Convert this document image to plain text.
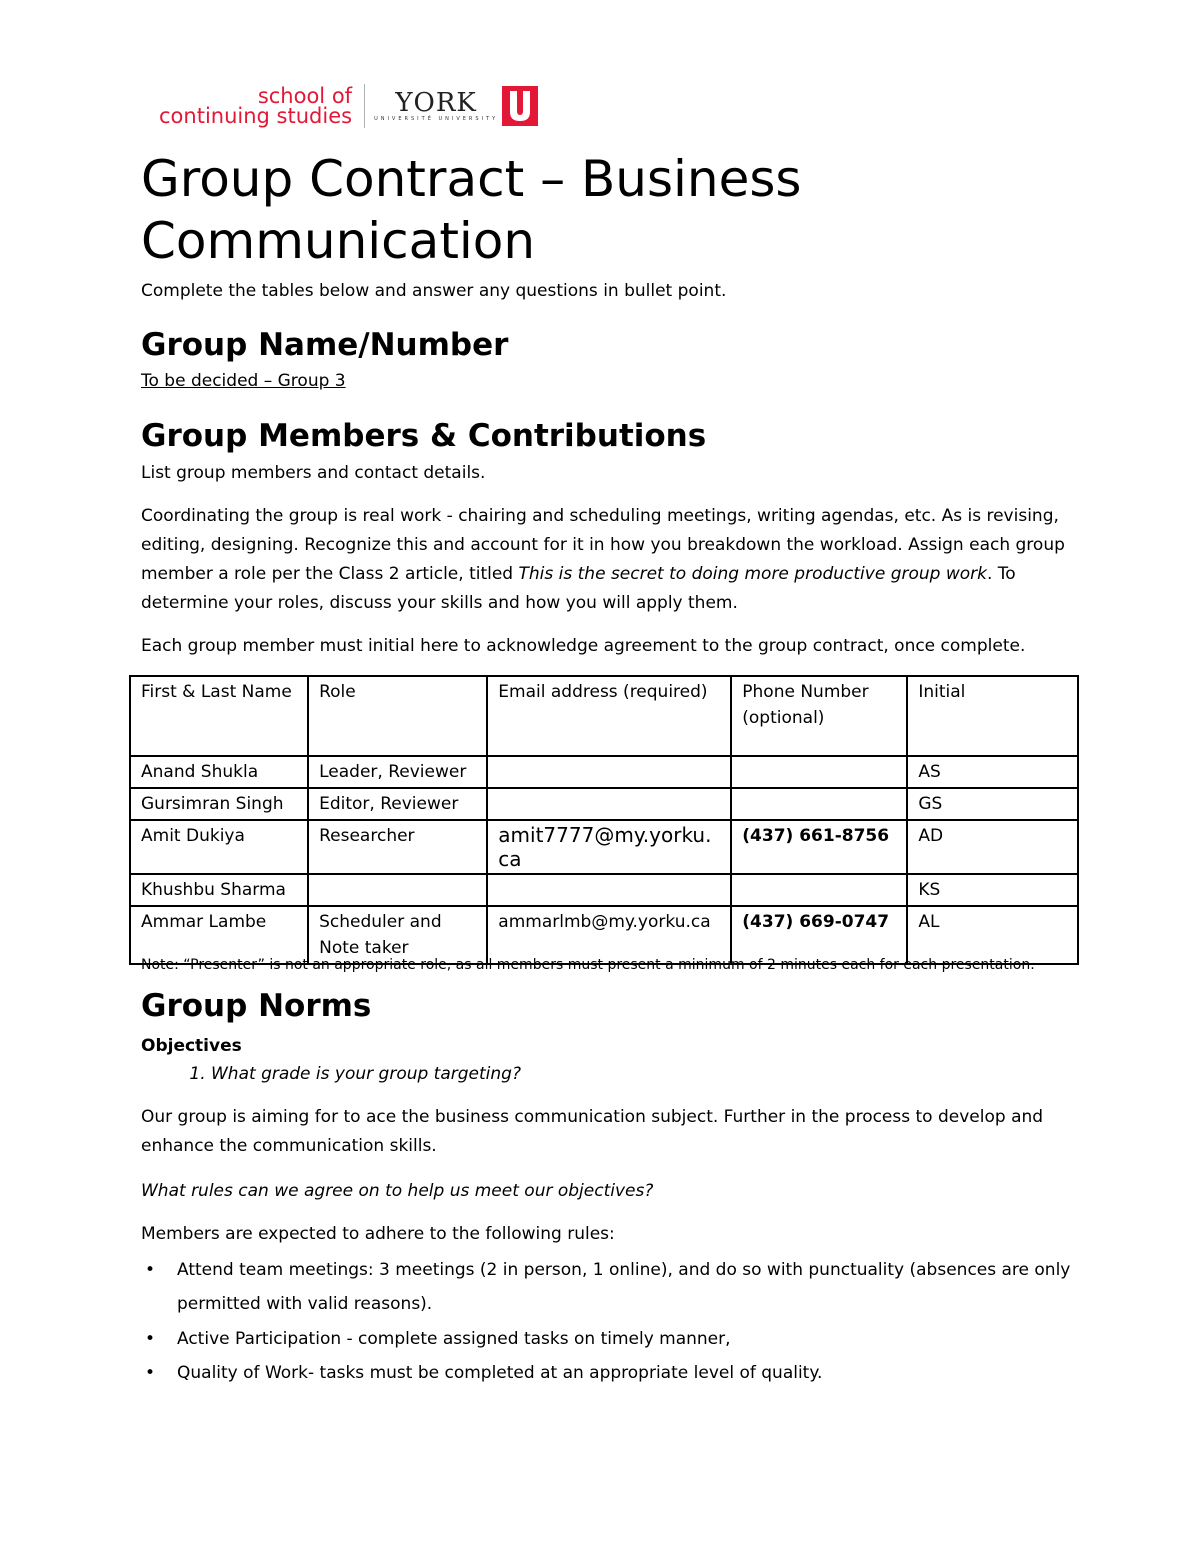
school of
continuing studies YORK
UNIVERSITÉ UNIVERSITY
Group Contract – Business Communication

Complete the tables below and answer any questions in bullet point.

Group Name/Number

To be decided – Group 3

Group Members & Contributions

List group members and contact details.

Coordinating the group is real work - chairing and scheduling meetings, writing agendas, etc. As is revising, editing, designing. Recognize this and account for it in how you breakdown the workload. Assign each group member a role per the Class 2 article, titled This is the secret to doing more productive group work. To determine your roles, discuss your skills and how you will apply them.

Each group member must initial here to acknowledge agreement to the group contract, once complete.

First & Last Name	Role	Email address (required)	Phone Number (optional)	Initial
Anand Shukla	Leader, Reviewer			AS
Gursimran Singh	Editor, Reviewer			GS
Amit Dukiya	Researcher	amit7777@my.yorku.ca	(437) 661-8756	AD
Khushbu Sharma				KS
Ammar Lambe	Scheduler and Note taker	ammarlmb@my.yorku.ca	(437) 669-0747	AL

Note: “Presenter” is not an appropriate role, as all members must present a minimum of 2 minutes each for each presentation.

Group Norms

Objectives

1. What grade is your group targeting?

Our group is aiming for to ace the business communication subject. Further in the process to develop and enhance the communication skills.

What rules can we agree on to help us meet our objectives?

Members are expected to adhere to the following rules:

• Attend team meetings: 3 meetings (2 in person, 1 online), and do so with punctuality (absences are only permitted with valid reasons).
• Active Participation - complete assigned tasks on timely manner,
• Quality of Work- tasks must be completed at an appropriate level of quality.
